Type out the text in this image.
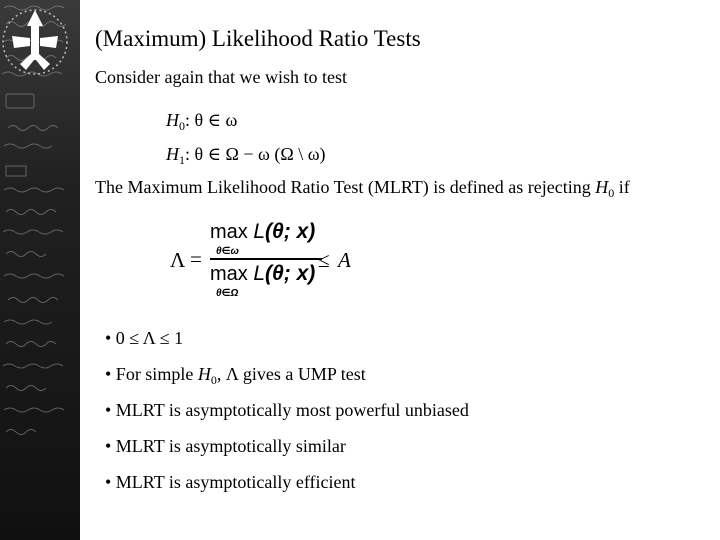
(Maximum) Likelihood Ratio Tests
Consider again that we wish to test
$H_0$: θ ∈ ω
$H_1$: θ ∈ Ω − ω (Ω \ ω)
The Maximum Likelihood Ratio Test (MLRT) is defined as rejecting $H_0$ if
Λ =
max L(θ; x)
θ∈ω
max L(θ; x)
θ∈Ω
≤ A
• 0 ≤ Λ ≤ 1
• For simple $H_0$, Λ gives a UMP test
• MLRT is asymptotically most powerful unbiased
• MLRT is asymptotically similar
• MLRT is asymptotically efficient
